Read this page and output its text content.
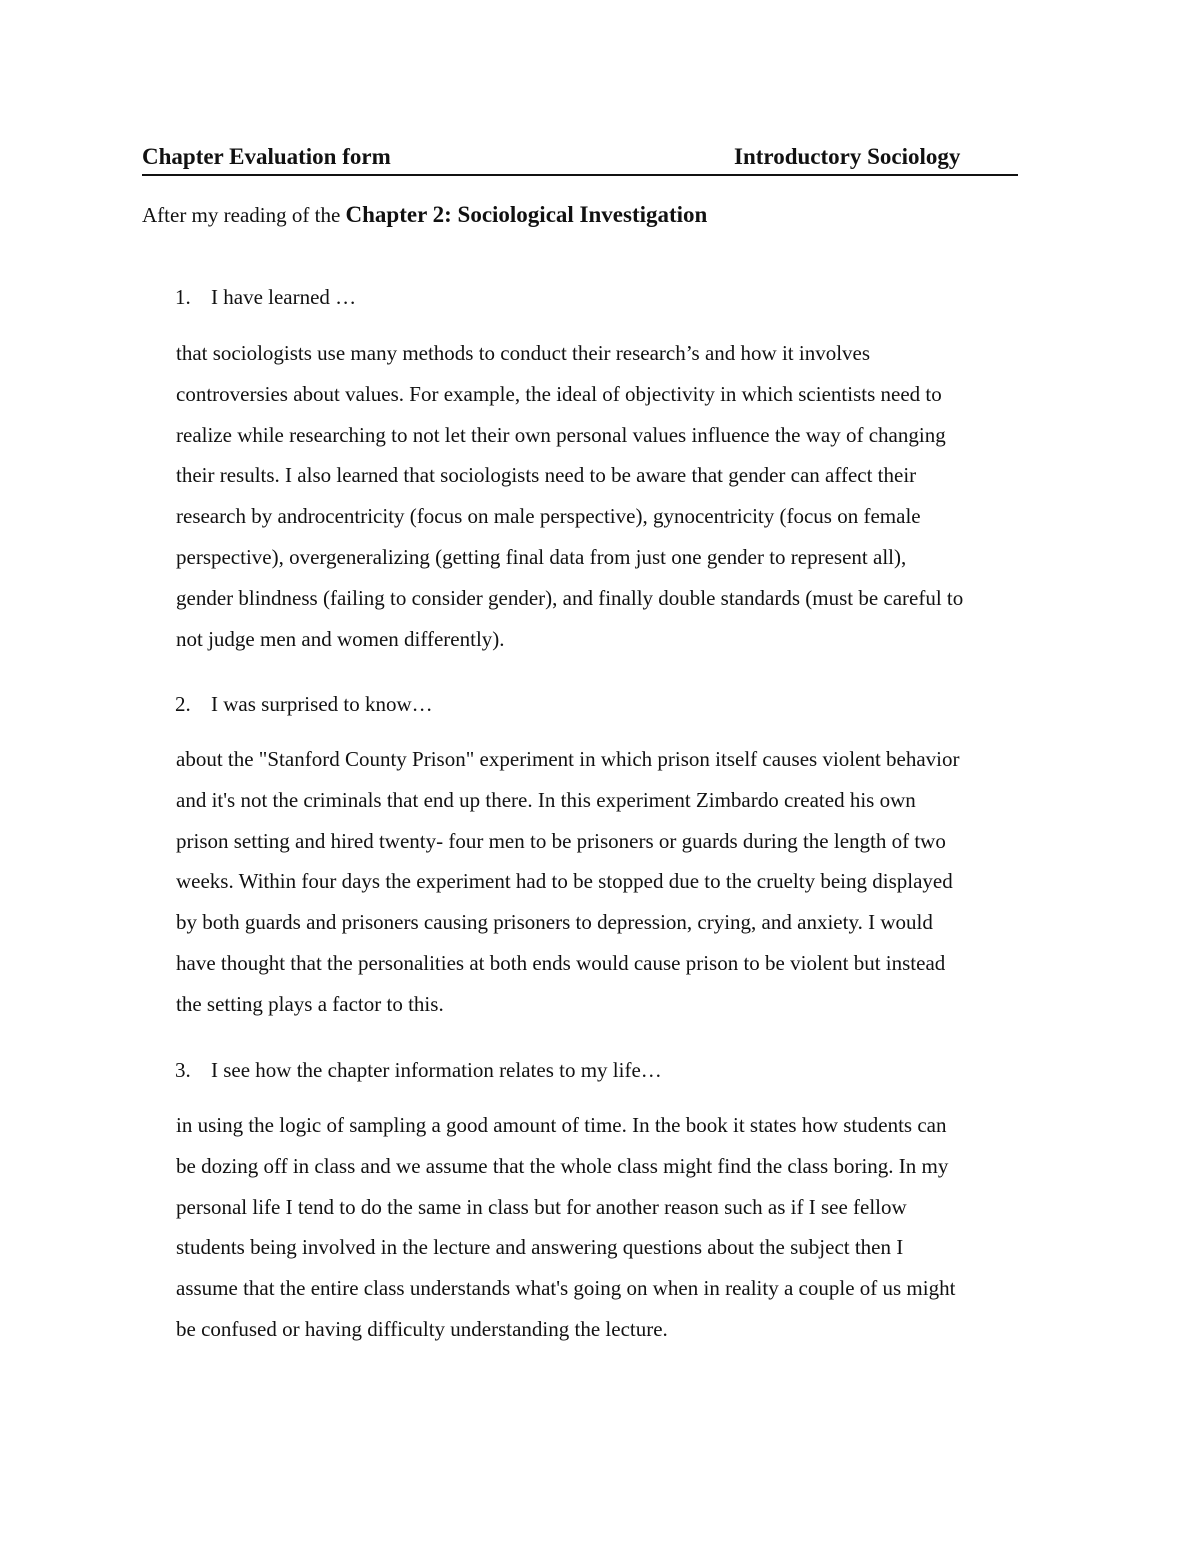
Chapter Evaluation form	Introductory Sociology
After my reading of the Chapter 2: Sociological Investigation
1. I have learned …

that sociologists use many methods to conduct their research’s and how it involves

controversies about values. For example, the ideal of objectivity in which scientists need to

realize while researching to not let their own personal values influence the way of changing

their results. I also learned that sociologists need to be aware that gender can affect their

research by androcentricity (focus on male perspective), gynocentricity (focus on female

perspective), overgeneralizing (getting final data from just one gender to represent all),

gender blindness (failing to consider gender), and finally double standards (must be careful to

not judge men and women differently).

2. I was surprised to know…

about the "Stanford County Prison" experiment in which prison itself causes violent behavior

and it's not the criminals that end up there. In this experiment Zimbardo created his own

prison setting and hired twenty- four men to be prisoners or guards during the length of two

weeks. Within four days the experiment had to be stopped due to the cruelty being displayed

by both guards and prisoners causing prisoners to depression, crying, and anxiety. I would

have thought that the personalities at both ends would cause prison to be violent but instead

the setting plays a factor to this.

3. I see how the chapter information relates to my life…

in using the logic of sampling a good amount of time. In the book it states how students can

be dozing off in class and we assume that the whole class might find the class boring. In my

personal life I tend to do the same in class but for another reason such as if I see fellow

students being involved in the lecture and answering questions about the subject then I

assume that the entire class understands what's going on when in reality a couple of us might

be confused or having difficulty understanding the lecture.
